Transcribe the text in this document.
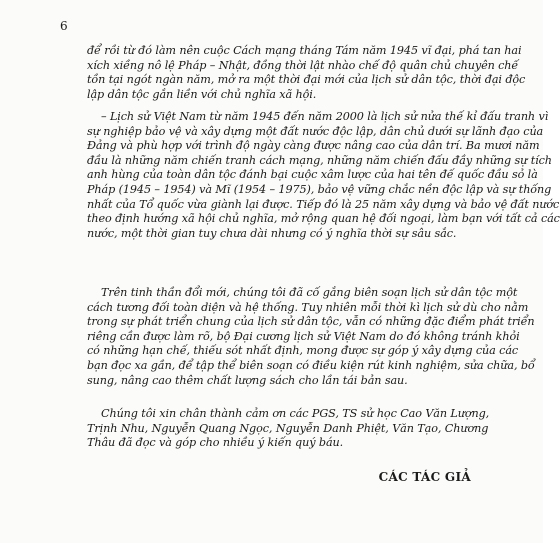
6
để rồi từ đó làm nên cuộc Cách mạng tháng Tám năm 1945 vĩ đại, phá tan hai
xích xiềng nô lệ Pháp – Nhật, đồng thời lật nhào chế độ quân chủ chuyên chế
tồn tại ngót ngàn năm, mở ra một thời đại mới của lịch sử dân tộc, thời đại độc
lập dân tộc gắn liền với chủ nghĩa xã hội.
– Lịch sử Việt Nam từ năm 1945 đến năm 2000 là lịch sử nửa thế kỉ đấu tranh vì
sự nghiệp bảo vệ và xây dựng một đất nước độc lập, dân chủ dưới sự lãnh đạo của
Đảng và phù hợp với trình độ ngày càng được nâng cao của dân trí. Ba mươi năm
đầu là những năm chiến tranh cách mạng, những năm chiến đấu đầy những sự tích
anh hùng của toàn dân tộc đánh bại cuộc xâm lược của hai tên đế quốc đầu sỏ là
Pháp (1945 – 1954) và Mĩ (1954 – 1975), bảo vệ vững chắc nền độc lập và sự thống
nhất của Tổ quốc vừa giành lại được. Tiếp đó là 25 năm xây dựng và bảo vệ đất nước
theo định hướng xã hội chủ nghĩa, mở rộng quan hệ đối ngoại, làm bạn với tất cả các
nước, một thời gian tuy chưa dài nhưng có ý nghĩa thời sự sâu sắc.
Trên tinh thần đổi mới, chúng tôi đã cố gắng biên soạn lịch sử dân tộc một
cách tương đối toàn diện và hệ thống. Tuy nhiên mỗi thời kì lịch sử dù cho nằm
trong sự phát triển chung của lịch sử dân tộc, vẫn có những đặc điểm phát triển
riêng cần được làm rõ, bộ Đại cương lịch sử Việt Nam do đó không tránh khỏi
có những hạn chế, thiếu sót nhất định, mong được sự góp ý xây dựng của các
bạn đọc xa gần, để tập thể biên soạn có điều kiện rút kinh nghiệm, sửa chữa, bổ
sung, nâng cao thêm chất lượng sách cho lần tái bản sau.
Chúng tôi xin chân thành cảm ơn các PGS, TS sử học Cao Văn Lượng,
Trịnh Nhu, Nguyễn Quang Ngọc, Nguyễn Danh Phiệt, Văn Tạo, Chương
Thâu đã đọc và góp cho nhiều ý kiến quý báu.
CÁC TÁC GIẢ
